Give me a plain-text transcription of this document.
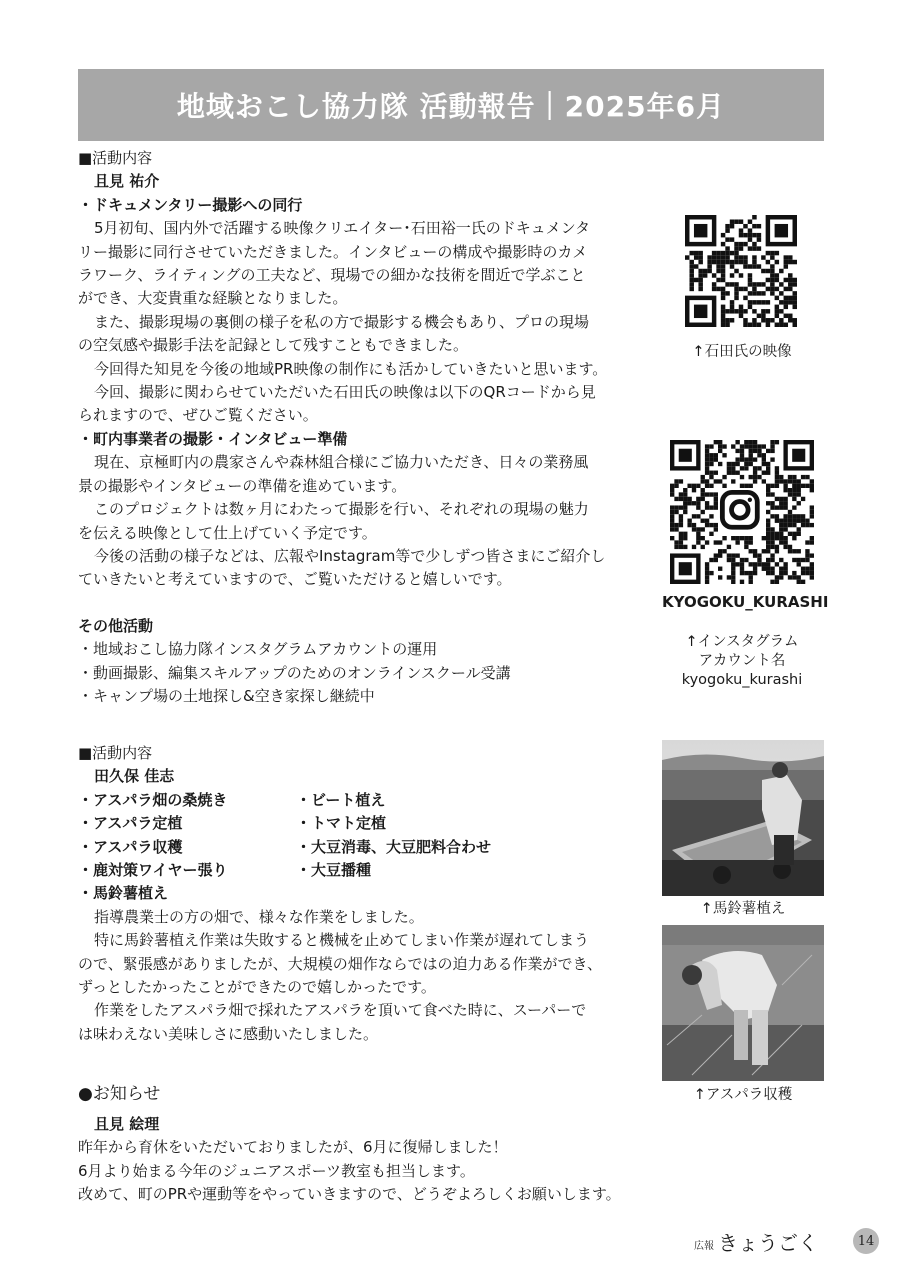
地域おこし協力隊 活動報告｜2025年6月
■活動内容
且見 祐介
・ドキュメンタリー撮影への同行
5月初旬、国内外で活躍する映像クリエイター･石田裕一氏のドキュメンタ
リー撮影に同行させていただきました。インタビューの構成や撮影時のカメ
ラワーク、ライティングの工夫など、現場での細かな技術を間近で学ぶこと
ができ、大変貴重な経験となりました。
また、撮影現場の裏側の様子を私の方で撮影する機会もあり、プロの現場
の空気感や撮影手法を記録として残すこともできました。
今回得た知見を今後の地域PR映像の制作にも活かしていきたいと思います。
今回、撮影に関わらせていただいた石田氏の映像は以下のQRコードから見
られますので、ぜひご覧ください。
・町内事業者の撮影・インタビュー準備
現在、京極町内の農家さんや森林組合様にご協力いただき、日々の業務風
景の撮影やインタビューの準備を進めています。
このプロジェクトは数ヶ月にわたって撮影を行い、それぞれの現場の魅力
を伝える映像として仕上げていく予定です。
今後の活動の様子などは、広報やInstagram等で少しずつ皆さまにご紹介し
ていきたいと考えていますので、ご覧いただけると嬉しいです。
その他活動
・地域おこし協力隊インスタグラムアカウントの運用
・動画撮影、編集スキルアップのためのオンラインスクール受講
・キャンプ場の土地探し&空き家探し継続中
■活動内容
田久保 佳志
・アスパラ畑の桑焼き	・ビート植え
・アスパラ定植	・トマト定植
・アスパラ収穫	・大豆消毒、大豆肥料合わせ
・鹿対策ワイヤー張り	・大豆播種
・馬鈴薯植え
指導農業士の方の畑で、様々な作業をしました。
特に馬鈴薯植え作業は失敗すると機械を止めてしまい作業が遅れてしまう
ので、緊張感がありましたが、大規模の畑作ならではの迫力ある作業ができ、
ずっとしたかったことができたので嬉しかったです。
作業をしたアスパラ畑で採れたアスパラを頂いて食べた時に、スーパーで
は味わえない美味しさに感動いたしました。
●お知らせ
且見 絵理
昨年から育休をいただいておりましたが、6月に復帰しました！
6月より始まる今年のジュニアスポーツ教室も担当します。
改めて、町のPRや運動等をやっていきますので、どうぞよろしくお願いします。
↑石田氏の映像
KYOGOKU_KURASHI
↑インスタグラム
アカウント名
kyogoku_kurashi
↑馬鈴薯植え
↑アスパラ収穫
広報 きょうごく	14
